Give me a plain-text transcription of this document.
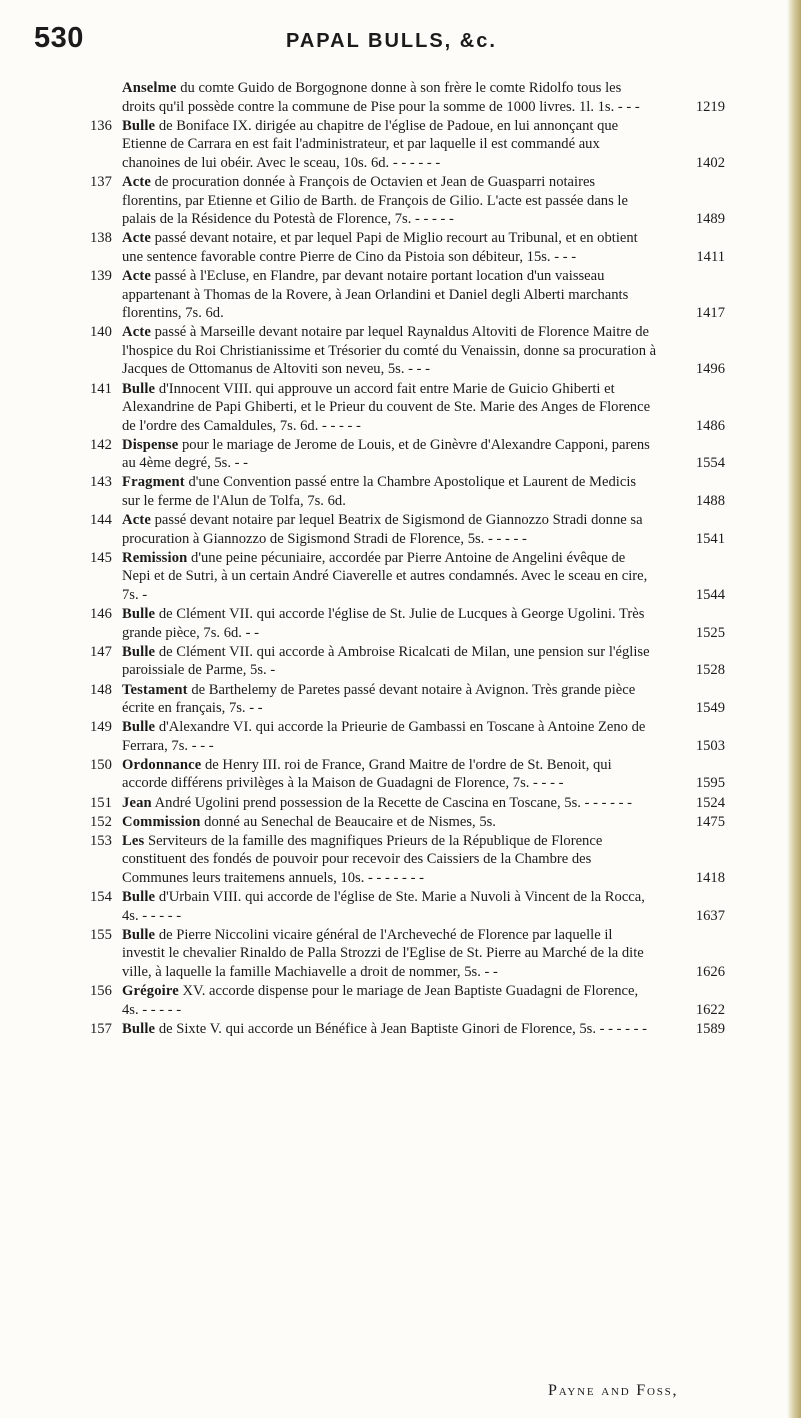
530	PAPAL BULLS, &c.
Anselme du comte Guido de Borgognone donne à son frère le comte Ridolfo tous les droits qu'il possède contre la commune de Pise pour la somme de 1000 livres. 1l. 1s. - - -	1219
136 Bulle de Boniface IX. dirigée au chapitre de l'église de Padoue, en lui annonçant que Etienne de Carrara en est fait l'administrateur, et par laquelle il est commandé aux chanoines de lui obéir. Avec le sceau, 10s. 6d. - - - - - -	1402
137 Acte de procuration donnée à François de Octavien et Jean de Guasparri notaires florentins, par Etienne et Gilio de Barth. de François de Gilio. L'acte est passée dans le palais de la Résidence du Potestà de Florence, 7s. - - - - -	1489
138 Acte passé devant notaire, et par lequel Papi de Miglio recourt au Tribunal, et en obtient une sentence favorable contre Pierre de Cino da Pistoia son débiteur, 15s. - - -	1411
139 Acte passé à l'Ecluse, en Flandre, par devant notaire portant location d'un vaisseau appartenant à Thomas de la Rovere, à Jean Orlandini et Daniel degli Alberti marchants florentins, 7s. 6d.	1417
140 Acte passé à Marseille devant notaire par lequel Raynaldus Altoviti de Florence Maitre de l'hospice du Roi Christianissime et Trésorier du comté du Venaissin, donne sa procuration à Jacques de Ottomanus de Altoviti son neveu, 5s. - - -	1496
141 Bulle d'Innocent VIII. qui approuve un accord fait entre Marie de Guicio Ghiberti et Alexandrine de Papi Ghiberti, et le Prieur du couvent de Ste. Marie des Anges de Florence de l'ordre des Camaldules, 7s. 6d. - - - - -	1486
142 Dispense pour le mariage de Jerome de Louis, et de Ginèvre d'Alexandre Capponi, parens au 4ème degré, 5s. - -	1554
143 Fragment d'une Convention passé entre la Chambre Apostolique et Laurent de Medicis sur le ferme de l'Alun de Tolfa, 7s. 6d.	1488
144 Acte passé devant notaire par lequel Beatrix de Sigismond de Giannozzo Stradi donne sa procuration à Giannozzo de Sigismond Stradi de Florence, 5s. - - - - -	1541
145 Remission d'une peine pécuniaire, accordée par Pierre Antoine de Angelini évêque de Nepi et de Sutri, à un certain André Ciaverelle et autres condamnés. Avec le sceau en cire, 7s. -	1544
146 Bulle de Clément VII. qui accorde l'église de St. Julie de Lucques à George Ugolini. Très grande pièce, 7s. 6d. - -	1525
147 Bulle de Clément VII. qui accorde à Ambroise Ricalcati de Milan, une pension sur l'église paroissiale de Parme, 5s. -	1528
148 Testament de Barthelemy de Paretes passé devant notaire à Avignon. Très grande pièce écrite en français, 7s. - -	1549
149 Bulle d'Alexandre VI. qui accorde la Prieurie de Gambassi en Toscane à Antoine Zeno de Ferrara, 7s. - - -	1503
150 Ordonnance de Henry III. roi de France, Grand Maitre de l'ordre de St. Benoit, qui accorde différens privilèges à la Maison de Guadagni de Florence, 7s. - - - -	1595
151 Jean André Ugolini prend possession de la Recette de Cascina en Toscane, 5s. - - - - - -	1524
152 Commission donné au Senechal de Beaucaire et de Nismes, 5s.	1475
153 Les Serviteurs de la famille des magnifiques Prieurs de la République de Florence constituent des fondés de pouvoir pour recevoir des Caissiers de la Chambre des Communes leurs traitemens annuels, 10s. - - - - - - -	1418
154 Bulle d'Urbain VIII. qui accorde de l'église de Ste. Marie a Nuvoli à Vincent de la Rocca, 4s. - - - - -	1637
155 Bulle de Pierre Niccolini vicaire général de l'Archeveché de Florence par laquelle il investit le chevalier Rinaldo de Palla Strozzi de l'Eglise de St. Pierre au Marché de la dite ville, à laquelle la famille Machiavelle a droit de nommer, 5s. - -	1626
156 Grégoire XV. accorde dispense pour le mariage de Jean Baptiste Guadagni de Florence, 4s. - - - - -	1622
157 Bulle de Sixte V. qui accorde un Bénéfice à Jean Baptiste Ginori de Florence, 5s. - - - - - -	1589
Payne and Foss,
